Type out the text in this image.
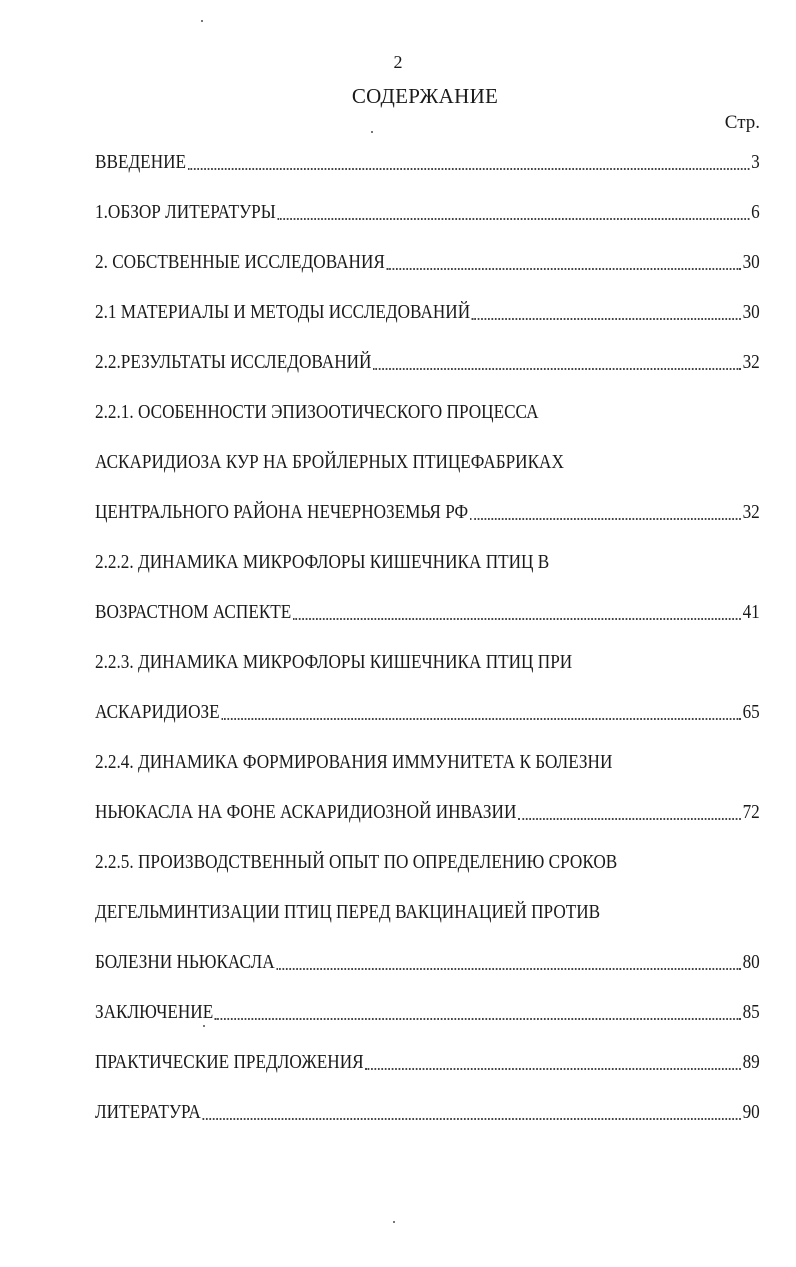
2
СОДЕРЖАНИЕ
Стр.
ВВЕДЕНИЕ	3
1.ОБЗОР ЛИТЕРАТУРЫ	6
2. СОБСТВЕННЫЕ ИССЛЕДОВАНИЯ	30
2.1 МАТЕРИАЛЫ И МЕТОДЫ ИССЛЕДОВАНИЙ	30
2.2.РЕЗУЛЬТАТЫ ИССЛЕДОВАНИЙ	32
2.2.1. ОСОБЕННОСТИ ЭПИЗООТИЧЕСКОГО ПРОЦЕССА
АСКАРИДИОЗА КУР НА БРОЙЛЕРНЫХ ПТИЦЕФАБРИКАХ
ЦЕНТРАЛЬНОГО РАЙОНА НЕЧЕРНОЗЕМЬЯ РФ	32
2.2.2. ДИНАМИКА МИКРОФЛОРЫ КИШЕЧНИКА ПТИЦ В
ВОЗРАСТНОМ АСПЕКТЕ	41
2.2.3. ДИНАМИКА МИКРОФЛОРЫ КИШЕЧНИКА ПТИЦ ПРИ
АСКАРИДИОЗЕ	65
2.2.4. ДИНАМИКА ФОРМИРОВАНИЯ ИММУНИТЕТА К БОЛЕЗНИ
НЬЮКАСЛА НА ФОНЕ АСКАРИДИОЗНОЙ ИНВАЗИИ	72
2.2.5. ПРОИЗВОДСТВЕННЫЙ ОПЫТ ПО ОПРЕДЕЛЕНИЮ СРОКОВ
ДЕГЕЛЬМИНТИЗАЦИИ ПТИЦ ПЕРЕД ВАКЦИНАЦИЕЙ ПРОТИВ
БОЛЕЗНИ НЬЮКАСЛА	80
ЗАКЛЮЧЕНИЕ	85
ПРАКТИЧЕСКИЕ ПРЕДЛОЖЕНИЯ	89
ЛИТЕРАТУРА	90
